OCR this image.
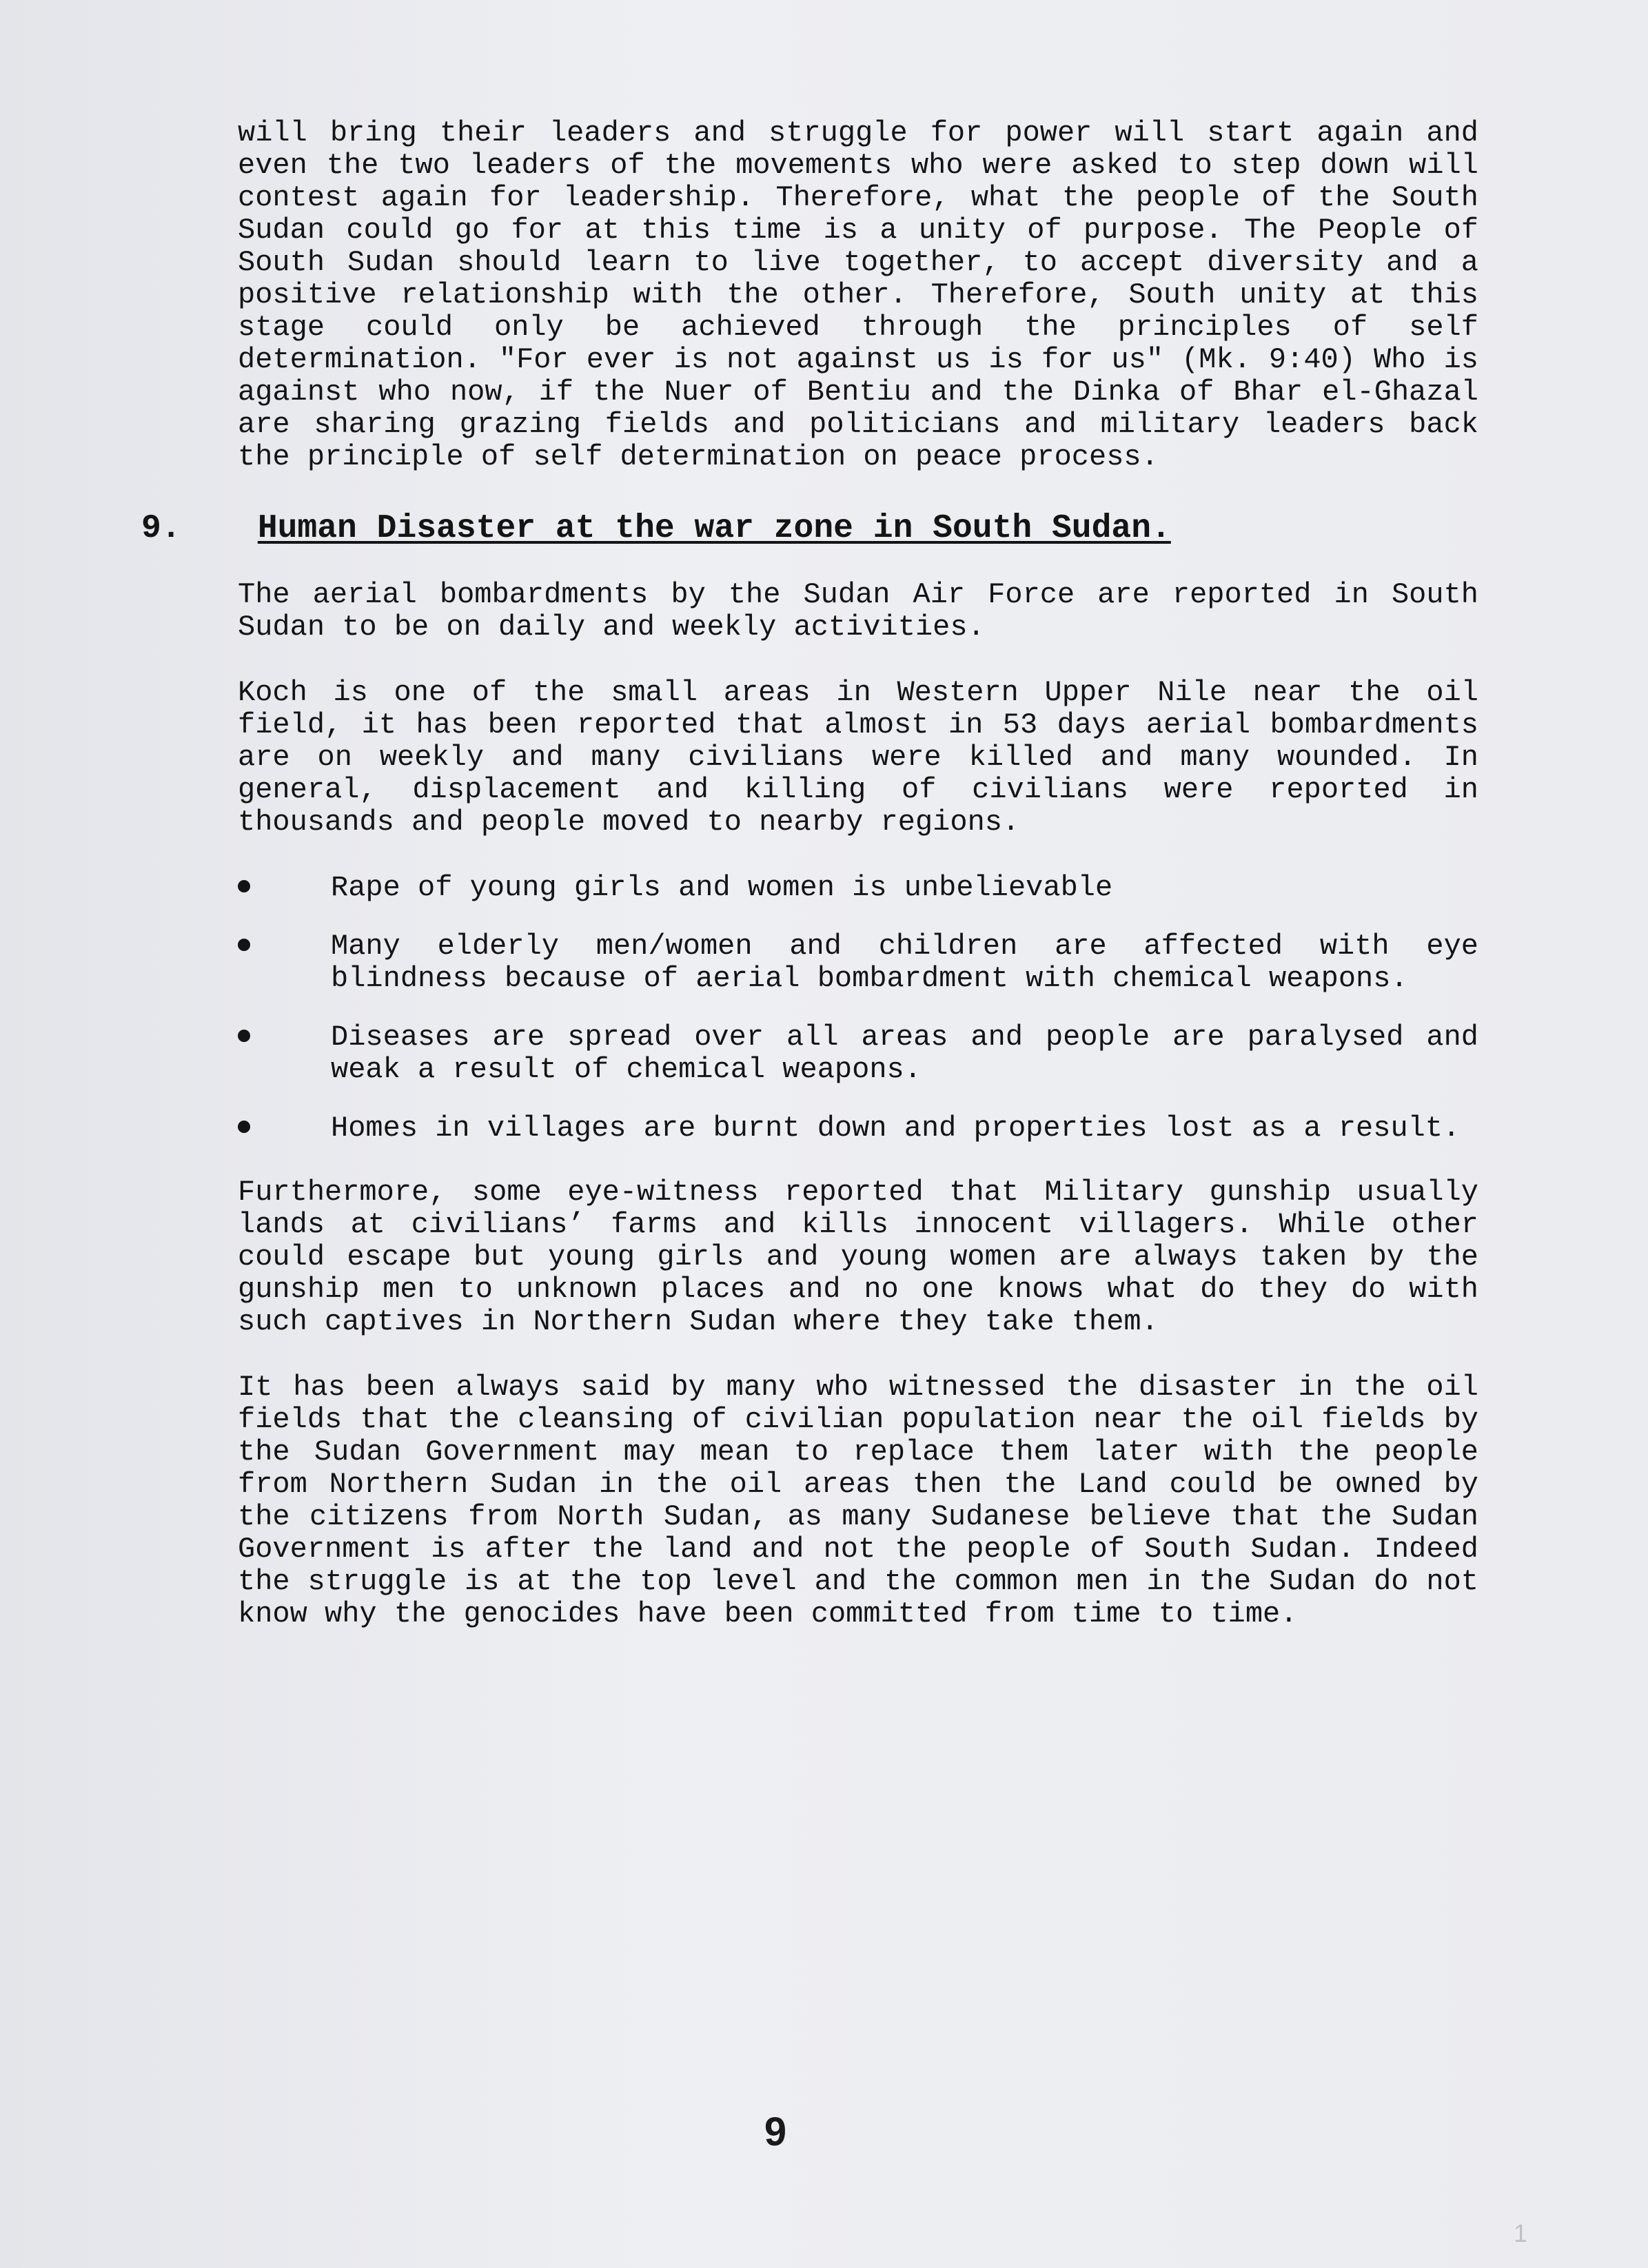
will bring their leaders and struggle for power will start again and even the two leaders of the movements who were asked to step down will contest again for leadership. Therefore, what the people of the South Sudan could go for at this time is a unity of purpose. The People of South Sudan should learn to live together, to accept diversity and a positive relationship with the other. Therefore, South unity at this stage could only be achieved through the principles of self determination. "For ever is not against us is for us" (Mk. 9:40) Who is against who now, if the Nuer of Bentiu and the Dinka of Bhar el-Ghazal are sharing grazing fields and politicians and military leaders back the principle of self determination on peace process.

9. Human Disaster at the war zone in South Sudan.

The aerial bombardments by the Sudan Air Force are reported in South Sudan to be on daily and weekly activities.

Koch is one of the small areas in Western Upper Nile near the oil field, it has been reported that almost in 53 days aerial bombardments are on weekly and many civilians were killed and many wounded. In general, displacement and killing of civilians were reported in thousands and people moved to nearby regions.

Rape of young girls and women is unbelievable
Many elderly men/women and children are affected with eye blindness because of aerial bombardment with chemical weapons.
Diseases are spread over all areas and people are paralysed and weak a result of chemical weapons.
Homes in villages are burnt down and properties lost as a result.

Furthermore, some eye-witness reported that Military gunship usually lands at civilians’ farms and kills innocent villagers. While other could escape but young girls and young women are always taken by the gunship men to unknown places and no one knows what do they do with such captives in Northern Sudan where they take them.

It has been always said by many who witnessed the disaster in the oil fields that the cleansing of civilian population near the oil fields by the Sudan Government may mean to replace them later with the people from Northern Sudan in the oil areas then the Land could be owned by the citizens from North Sudan, as many Sudanese believe that the Sudan Government is after the land and not the people of South Sudan. Indeed the struggle is at the top level and the common men in the Sudan do not know why the genocides have been committed from time to time.

9
1
